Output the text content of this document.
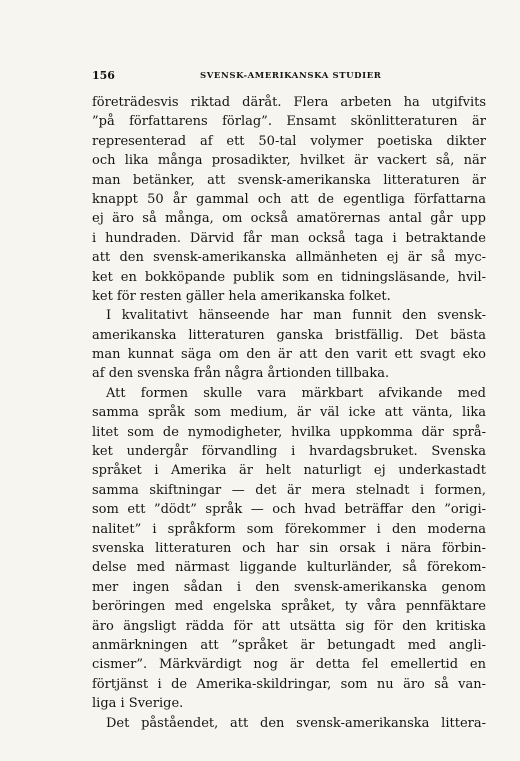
156	SVENSK-AMERIKANSKA STUDIER
företrädesvis riktad däråt. Flera arbeten ha utgifvits
”på författarens förlag”. Ensamt skönlitteraturen är
representerad af ett 50-tal volymer poetiska dikter
och lika många prosadikter, hvilket är vackert så, när
man betänker, att svensk-amerikanska litteraturen är
knappt 50 år gammal och att de egentliga författarna
ej äro så många, om också amatörernas antal går upp
i hundraden. Därvid får man också taga i betraktande
att den svensk-amerikanska allmänheten ej är så myc-
ket en bokköpande publik som en tidningsläsande, hvil-
ket för resten gäller hela amerikanska folket.
I kvalitativt hänseende har man funnit den svensk-
amerikanska litteraturen ganska bristfällig. Det bästa
man kunnat säga om den är att den varit ett svagt eko
af den svenska från några årtionden tillbaka.
Att formen skulle vara märkbart afvikande med
samma språk som medium, är väl icke att vänta, lika
litet som de nymodigheter, hvilka uppkomma där språ-
ket undergår förvandling i hvardagsbruket. Svenska
språket i Amerika är helt naturligt ej underkastadt
samma skiftningar — det är mera stelnadt i formen,
som ett ”dödt” språk — och hvad beträffar den ”origi-
nalitet” i språkform som förekommer i den moderna
svenska litteraturen och har sin orsak i nära förbin-
delse med närmast liggande kulturländer, så förekom-
mer ingen sådan i den svensk-amerikanska genom
beröringen med engelska språket, ty våra pennfäktare
äro ängsligt rädda för att utsätta sig för den kritiska
anmärkningen att ”språket är betungadt med angli-
cismer”. Märkvärdigt nog är detta fel emellertid en
förtjänst i de Amerika-skildringar, som nu äro så van-
liga i Sverige.
Det påståendet, att den svensk-amerikanska littera-
